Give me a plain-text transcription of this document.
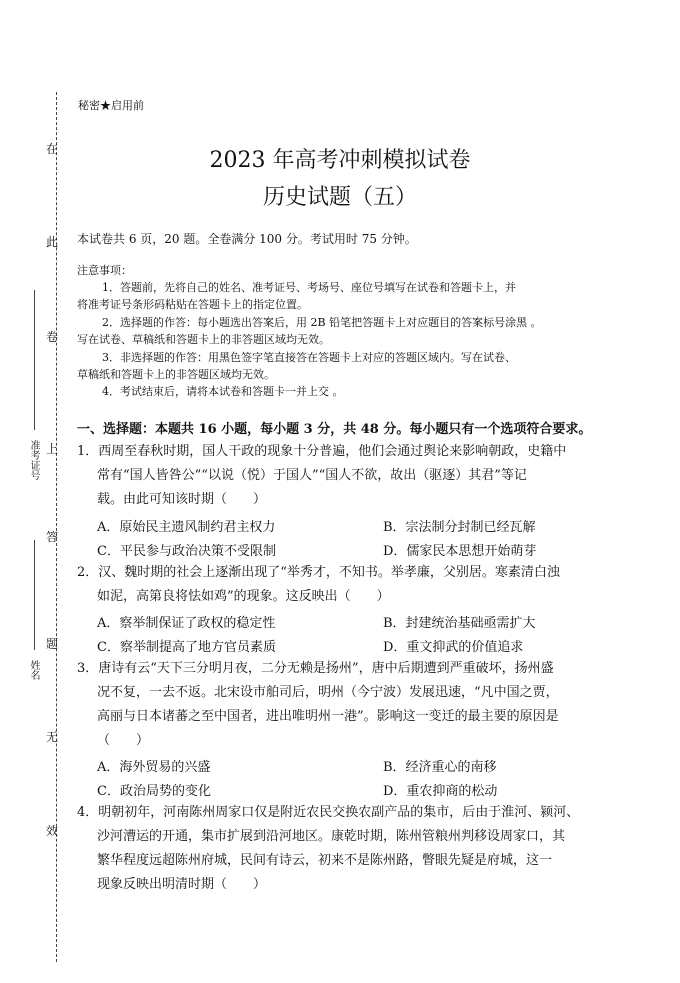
准考证号
姓名
在
此
卷
上
答
题
无
效
秘密★启用前
2023 年高考冲刺模拟试卷
历史试题（五）
本试卷共 6 页，20 题。全卷满分 100 分。考试用时 75 分钟。
注意事项：
1．答题前，先将自己的姓名、准考证号、考场号、座位号填写在试卷和答题卡上，并
将准考证号条形码粘贴在答题卡上的指定位置。
2．选择题的作答：每小题选出答案后，用 2B 铅笔把答题卡上对应题目的答案标号涂黑 。
写在试卷、草稿纸和答题卡上的非答题区域均无效。
3．非选择题的作答：用黑色签字笔直接答在答题卡上对应的答题区域内。写在试卷、
草稿纸和答题卡上的非答题区域均无效。
4．考试结束后，请将本试卷和答题卡一并上交 。
一、选择题：本题共 16 小题，每小题 3 分，共 48 分。每小题只有一个选项符合要求。
1．西周至春秋时期，国人干政的现象十分普遍，他们会通过舆论来影响朝政，史籍中
常有“国人皆咎公”“以说（悦）于国人”“国人不欲，故出（驱逐）其君”等记
载。由此可知该时期（　　）
A．原始民主遗风制约君主权力	B．宗法制分封制已经瓦解
C．平民参与政治决策不受限制	D．儒家民本思想开始萌芽
2．汉、魏时期的社会上逐渐出现了“举秀才，不知书。举孝廉，父别居。寒素清白浊
如泥，高第良将怯如鸡”的现象。这反映出（　　）
A．察举制保证了政权的稳定性	B．封建统治基础亟需扩大
C．察举制提高了地方官员素质	D．重文抑武的价值追求
3．唐诗有云“天下三分明月夜，二分无赖是扬州”，唐中后期遭到严重破坏，扬州盛
况不复，一去不返。北宋设市舶司后，明州（今宁波）发展迅速，“凡中国之贾，
高丽与日本诸蕃之至中国者，进出唯明州一港”。影响这一变迁的最主要的原因是
（　　）
A．海外贸易的兴盛	B．经济重心的南移
C．政治局势的变化	D．重农抑商的松动
4．明朝初年，河南陈州周家口仅是附近农民交换农副产品的集市，后由于淮河、颍河、
沙河漕运的开通，集市扩展到沿河地区。康乾时期，陈州管粮州判移设周家口，其
繁华程度远超陈州府城，民间有诗云，初来不是陈州路，瞥眼先疑是府城，这一
现象反映出明清时期（　　）
